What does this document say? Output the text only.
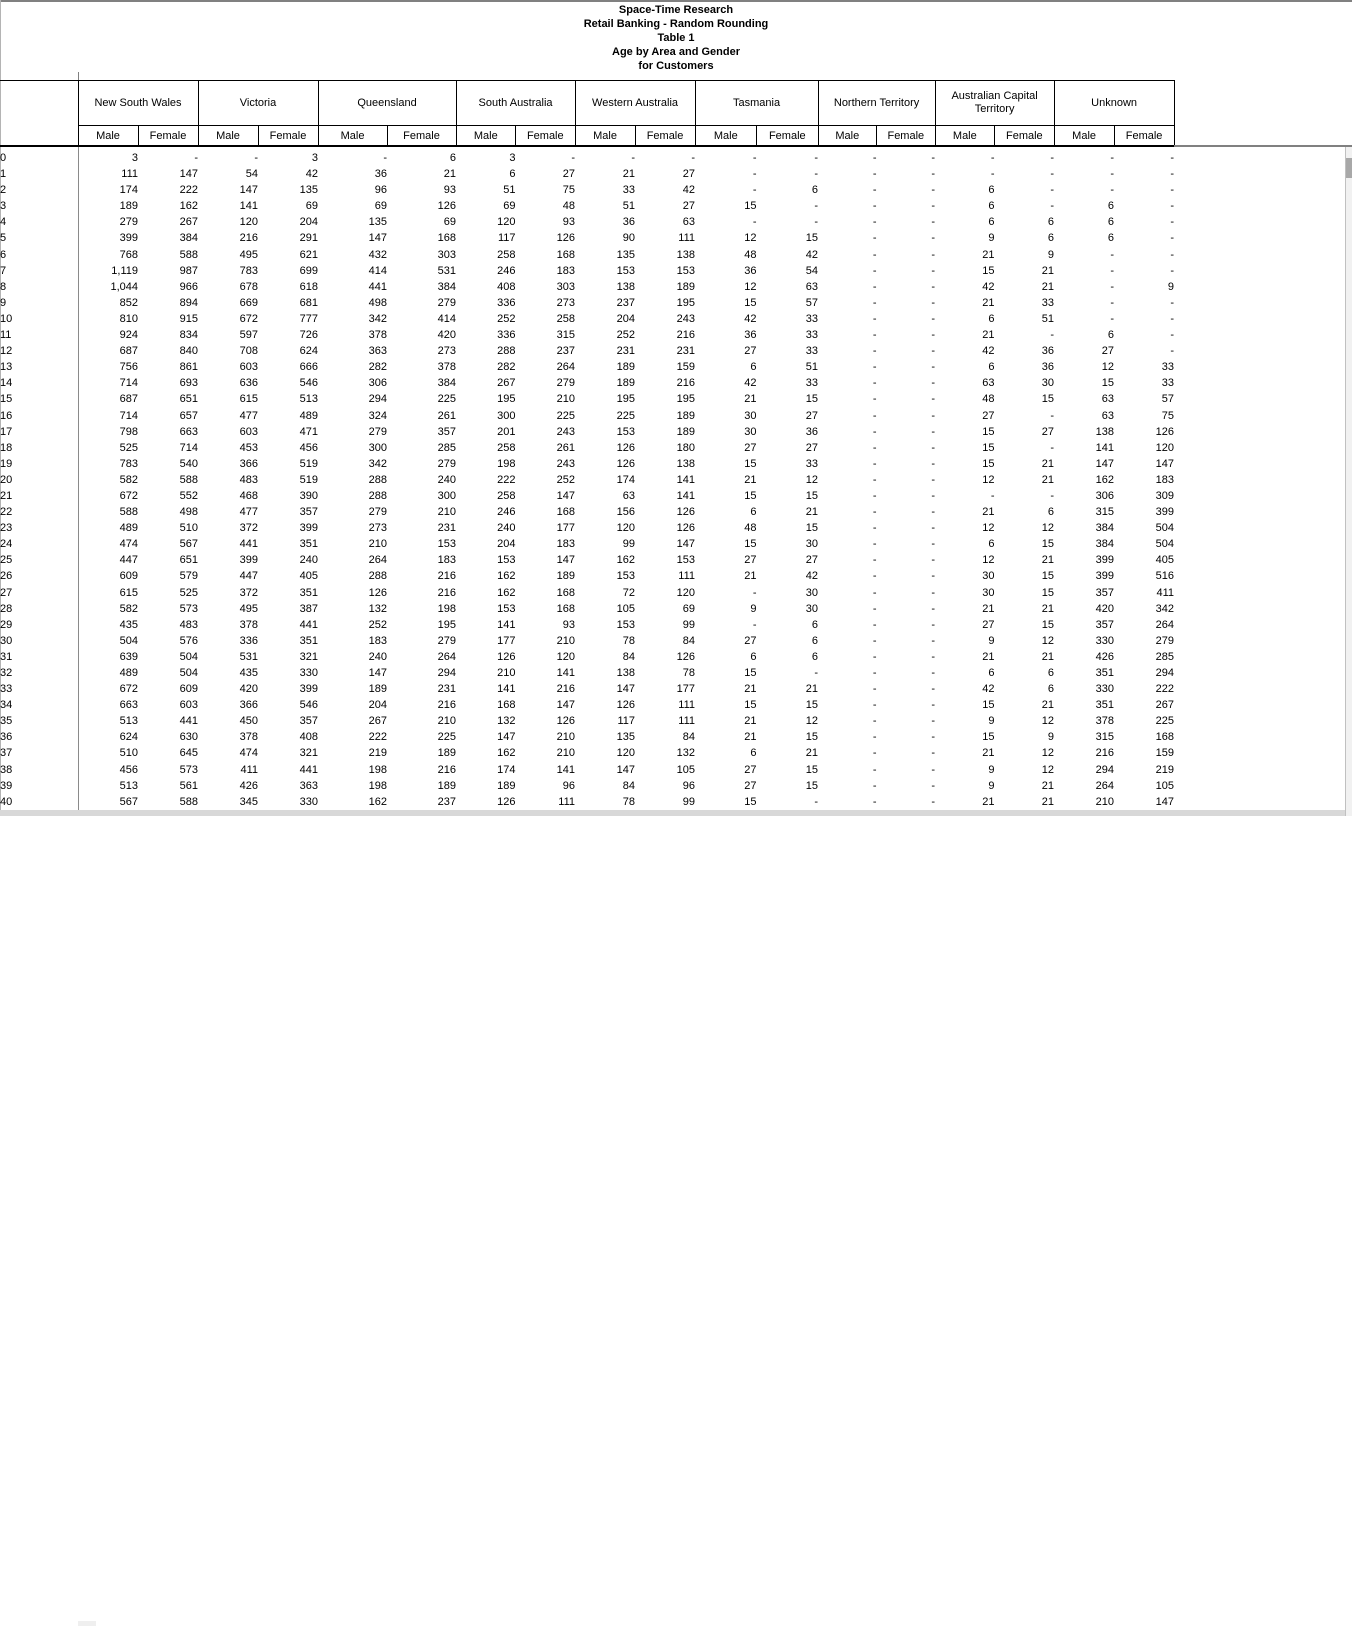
Space-Time Research
Retail Banking - Random Rounding
Table 1
Age by Area and Gender
for Customers
	New South Wales		Victoria		Queensland		South Australia		Western Australia		Tasmania		Northern Territory		Australian Capital Territory		Unknown	
	Male	Female	Male	Female	Male	Female	Male	Female	Male	Female	Male	Female	Male	Female	Male	Female	Male	Female
0	3	-	-	3	-	6	3	-	-	-	-	-	-	-	-	-	-	-
1	111	147	54	42	36	21	6	27	21	27	-	-	-	-	-	-	-	-
2	174	222	147	135	96	93	51	75	33	42	-	6	-	-	6	-	-	-
3	189	162	141	69	69	126	69	48	51	27	15	-	-	-	6	-	6	-
4	279	267	120	204	135	69	120	93	36	63	-	-	-	-	6	6	6	-
5	399	384	216	291	147	168	117	126	90	111	12	15	-	-	9	6	6	-
6	768	588	495	621	432	303	258	168	135	138	48	42	-	-	21	9	-	-
7	1,119	987	783	699	414	531	246	183	153	153	36	54	-	-	15	21	-	-
8	1,044	966	678	618	441	384	408	303	138	189	12	63	-	-	42	21	-	9
9	852	894	669	681	498	279	336	273	237	195	15	57	-	-	21	33	-	-
10	810	915	672	777	342	414	252	258	204	243	42	33	-	-	6	51	-	-
11	924	834	597	726	378	420	336	315	252	216	36	33	-	-	21	-	6	-
12	687	840	708	624	363	273	288	237	231	231	27	33	-	-	42	36	27	-
13	756	861	603	666	282	378	282	264	189	159	6	51	-	-	6	36	12	33
14	714	693	636	546	306	384	267	279	189	216	42	33	-	-	63	30	15	33
15	687	651	615	513	294	225	195	210	195	195	21	15	-	-	48	15	63	57
16	714	657	477	489	324	261	300	225	225	189	30	27	-	-	27	-	63	75
17	798	663	603	471	279	357	201	243	153	189	30	36	-	-	15	27	138	126
18	525	714	453	456	300	285	258	261	126	180	27	27	-	-	15	-	141	120
19	783	540	366	519	342	279	198	243	126	138	15	33	-	-	15	21	147	147
20	582	588	483	519	288	240	222	252	174	141	21	12	-	-	12	21	162	183
21	672	552	468	390	288	300	258	147	63	141	15	15	-	-	-	-	306	309
22	588	498	477	357	279	210	246	168	156	126	6	21	-	-	21	6	315	399
23	489	510	372	399	273	231	240	177	120	126	48	15	-	-	12	12	384	504
24	474	567	441	351	210	153	204	183	99	147	15	30	-	-	6	15	384	504
25	447	651	399	240	264	183	153	147	162	153	27	27	-	-	12	21	399	405
26	609	579	447	405	288	216	162	189	153	111	21	42	-	-	30	15	399	516
27	615	525	372	351	126	216	162	168	72	120	-	30	-	-	30	15	357	411
28	582	573	495	387	132	198	153	168	105	69	9	30	-	-	21	21	420	342
29	435	483	378	441	252	195	141	93	153	99	-	6	-	-	27	15	357	264
30	504	576	336	351	183	279	177	210	78	84	27	6	-	-	9	12	330	279
31	639	504	531	321	240	264	126	120	84	126	6	6	-	-	21	21	426	285
32	489	504	435	330	147	294	210	141	138	78	15	-	-	-	6	6	351	294
33	672	609	420	399	189	231	141	216	147	177	21	21	-	-	42	6	330	222
34	663	603	366	546	204	216	168	147	126	111	15	15	-	-	15	21	351	267
35	513	441	450	357	267	210	132	126	117	111	21	12	-	-	9	12	378	225
36	624	630	378	408	222	225	147	210	135	84	21	15	-	-	15	9	315	168
37	510	645	474	321	219	189	162	210	120	132	6	21	-	-	21	12	216	159
38	456	573	411	441	198	216	174	141	147	105	27	15	-	-	9	12	294	219
39	513	561	426	363	198	189	189	96	84	96	27	15	-	-	9	21	264	105
40	567	588	345	330	162	237	126	111	78	99	15	-	-	-	21	21	210	147
